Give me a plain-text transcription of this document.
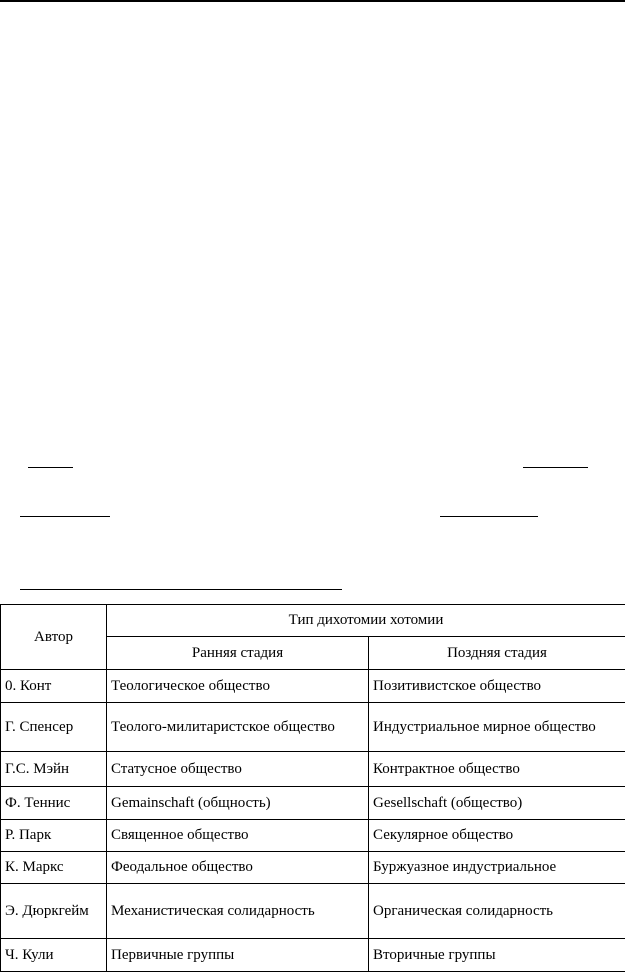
Автор	Тип дихотомии хотомии	
	Ранняя стадия	Поздняя стадия
0. Конт	Теологическое общество	Позитивистское общество
Г. Спенсер	Теолого-милитаристское общество	Индустриальное мирное общество
Г.С. Мэйн	Статусное общество	Контрактное общество
Ф. Теннис	Gemainschaft (общность)	Gesellschaft (общество)
Р. Парк	Священное общество	Секулярное общество
К. Маркс	Феодальное общество	Буржуазное индустриальное
Э. Дюркгейм	Механистическая солидарность	Органическая солидарность
Ч. Кули	Первичные группы	Вторичные группы
